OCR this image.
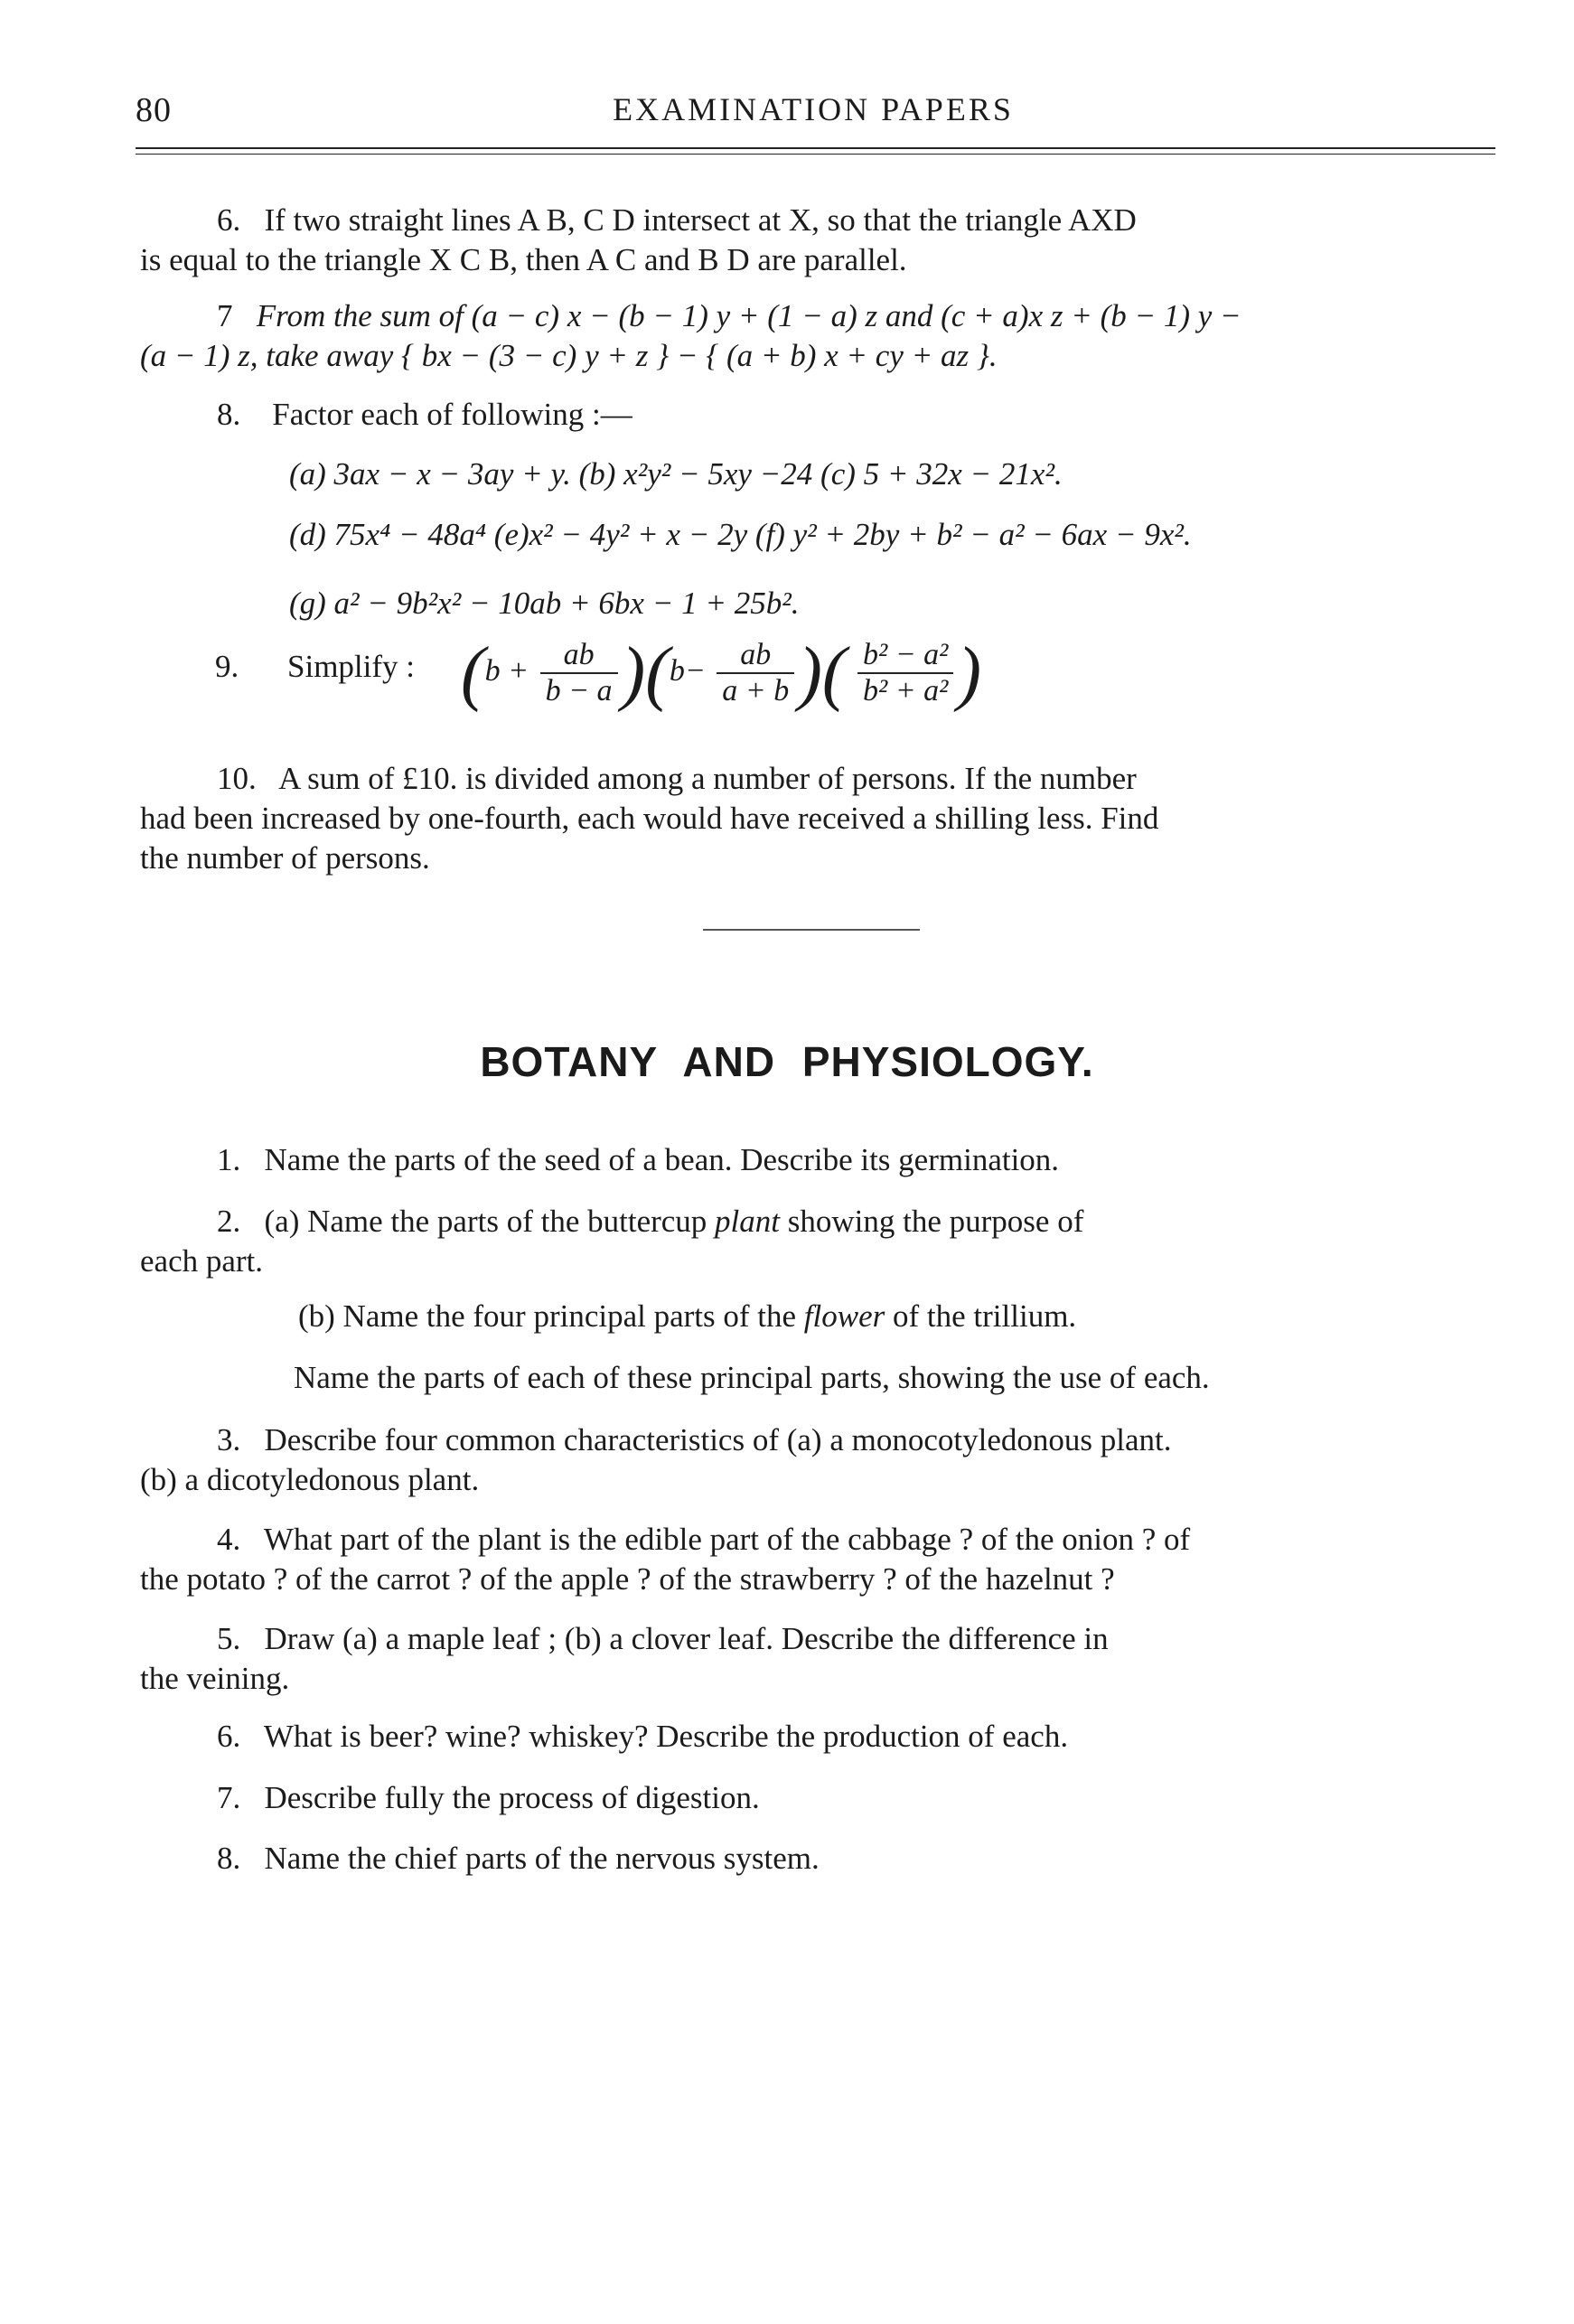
80	EXAMINATION PAPERS
6. If two straight lines A B, C D intersect at X, so that the triangle AXD
is equal to the triangle X C B, then A C and B D are parallel.
7 From the sum of (a − c) x − (b − 1) y + (1 − a) z and (c + a)x z + (b − 1) y −
(a − 1) z, take away { bx − (3 − c) y + z } − { (a + b) x + cy + az }.
8. Factor each of following :—
(a) 3ax − x − 3ay + y. (b) x²y² − 5xy −24 (c) 5 + 32x − 21x².
(d) 75x⁴ − 48a⁴ (e)x² − 4y² + x − 2y (f) y² + 2by + b² − a² − 6ax − 9x².
(g) a² − 9b²x² − 10ab + 6bx − 1 + 25b².
9. Simplify : $(b + \frac{ab}{b - a} )(b- \frac{ab}{a + b}$ )( $\frac{\text{b² − a²}}{\text{b² + a²}}$ )
10. A sum of £10. is divided among a number of persons. If the number
had been increased by one-fourth, each would have received a shilling less. Find
the number of persons.
BOTANY AND PHYSIOLOGY.
1. Name the parts of the seed of a bean. Describe its germination.
2. (a) Name the parts of the buttercup plant showing the purpose of
each part.
(b) Name the four principal parts of the flower of the trillium.
Name the parts of each of these principal parts, showing the use of each.
3. Describe four common characteristics of (a) a monocotyledonous plant.
(b) a dicotyledonous plant.
4. What part of the plant is the edible part of the cabbage ? of the onion ? of
the potato ? of the carrot ? of the apple ? of the strawberry ? of the hazelnut ?
5. Draw (a) a maple leaf ; (b) a clover leaf. Describe the difference in
the veining.
6. What is beer? wine? whiskey? Describe the production of each.
7. Describe fully the process of digestion.
8. Name the chief parts of the nervous system.
